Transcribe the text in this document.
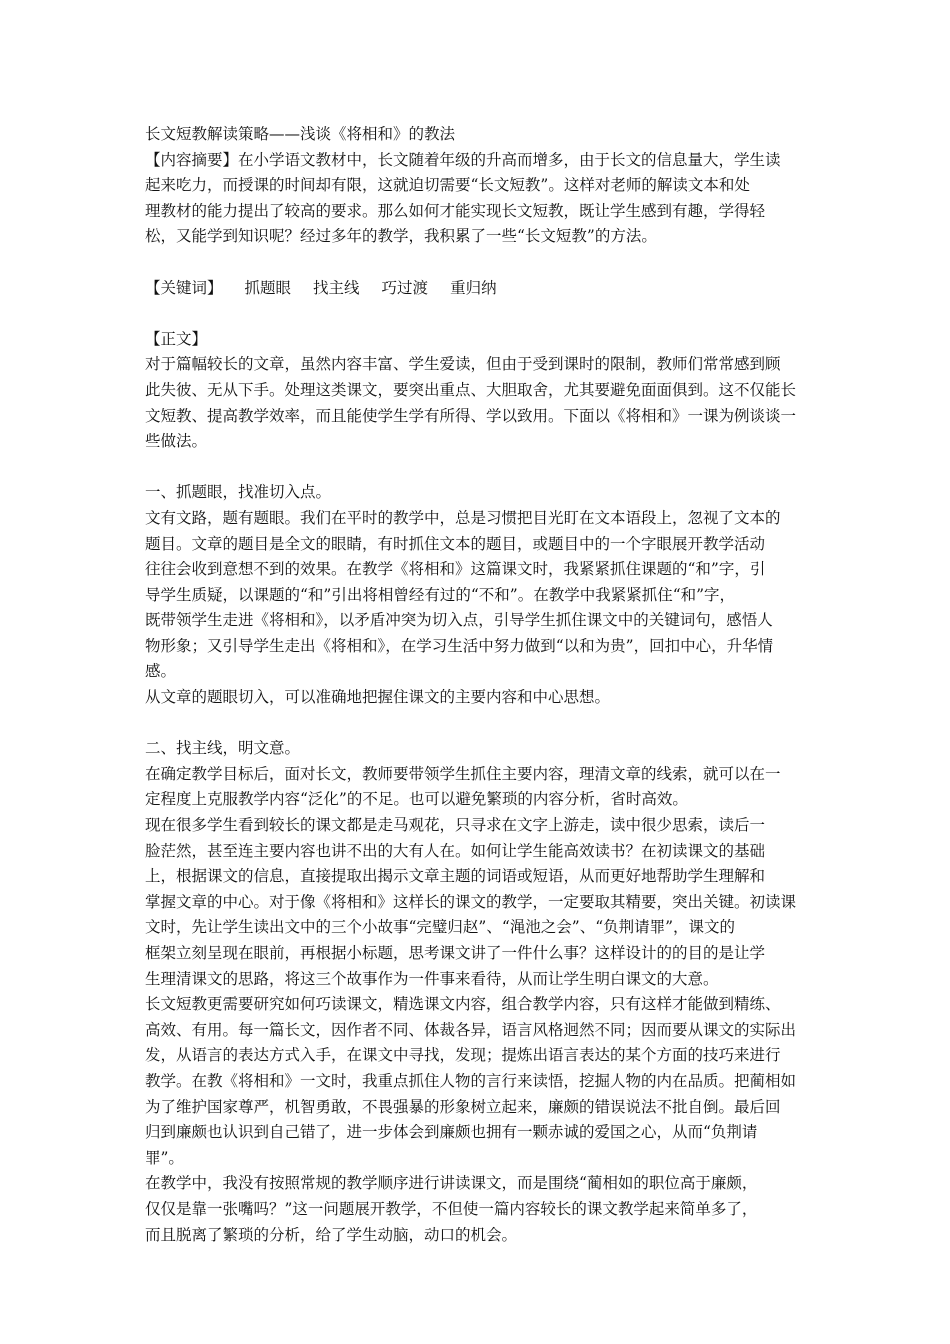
长文短教解读策略——浅谈《将相和》的教法
【内容摘要】在小学语文教材中，长文随着年级的升高而增多，由于长文的信息量大，学生读
起来吃力，而授课的时间却有限，这就迫切需要“长文短教”。这样对老师的解读文本和处
理教材的能力提出了较高的要求。那么如何才能实现长文短教，既让学生感到有趣，学得轻
松，又能学到知识呢？经过多年的教学，我积累了一些“长文短教”的方法。
【关键词】 抓题眼 找主线 巧过渡 重归纳
【正文】
对于篇幅较长的文章，虽然内容丰富、学生爱读，但由于受到课时的限制，教师们常常感到顾
此失彼、无从下手。处理这类课文，要突出重点、大胆取舍，尤其要避免面面俱到。这不仅能长
文短教、提高教学效率，而且能使学生学有所得、学以致用。下面以《将相和》一课为例谈谈一
些做法。
一、抓题眼，找准切入点。
文有文路，题有题眼。我们在平时的教学中，总是习惯把目光盯在文本语段上，忽视了文本的
题目。文章的题目是全文的眼睛，有时抓住文本的题目，或题目中的一个字眼展开教学活动
往往会收到意想不到的效果。在教学《将相和》这篇课文时，我紧紧抓住课题的“和”字，引
导学生质疑，以课题的“和”引出将相曾经有过的“不和”。在教学中我紧紧抓住“和”字，
既带领学生走进《将相和》，以矛盾冲突为切入点，引导学生抓住课文中的关键词句，感悟人
物形象；又引导学生走出《将相和》，在学习生活中努力做到“以和为贵”，回扣中心，升华情
感。
从文章的题眼切入，可以准确地把握住课文的主要内容和中心思想。
二、找主线，明文意。
在确定教学目标后，面对长文，教师要带领学生抓住主要内容，理清文章的线索，就可以在一
定程度上克服教学内容“泛化”的不足。也可以避免繁琐的内容分析，省时高效。
现在很多学生看到较长的课文都是走马观花，只寻求在文字上游走，读中很少思索，读后一
脸茫然，甚至连主要内容也讲不出的大有人在。如何让学生能高效读书？在初读课文的基础
上，根据课文的信息，直接提取出揭示文章主题的词语或短语，从而更好地帮助学生理解和
掌握文章的中心。对于像《将相和》这样长的课文的教学，一定要取其精要，突出关键。初读课
文时，先让学生读出文中的三个小故事“完璧归赵”、“渑池之会”、“负荆请罪”，课文的
框架立刻呈现在眼前，再根据小标题，思考课文讲了一件什么事？这样设计的的目的是让学
生理清课文的思路，将这三个故事作为一件事来看待，从而让学生明白课文的大意。
长文短教更需要研究如何巧读课文，精选课文内容，组合教学内容，只有这样才能做到精练、
高效、有用。每一篇长文，因作者不同、体裁各异，语言风格迥然不同；因而要从课文的实际出
发，从语言的表达方式入手，在课文中寻找，发现；提炼出语言表达的某个方面的技巧来进行
教学。在教《将相和》一文时，我重点抓住人物的言行来读悟，挖掘人物的内在品质。把蔺相如
为了维护国家尊严，机智勇敢，不畏强暴的形象树立起来，廉颇的错误说法不批自倒。最后回
归到廉颇也认识到自己错了，进一步体会到廉颇也拥有一颗赤诚的爱国之心，从而“负荆请
罪”。
在教学中，我没有按照常规的教学顺序进行讲读课文，而是围绕“蔺相如的职位高于廉颇，
仅仅是靠一张嘴吗？”这一问题展开教学，不但使一篇内容较长的课文教学起来简单多了，
而且脱离了繁琐的分析，给了学生动脑，动口的机会。
